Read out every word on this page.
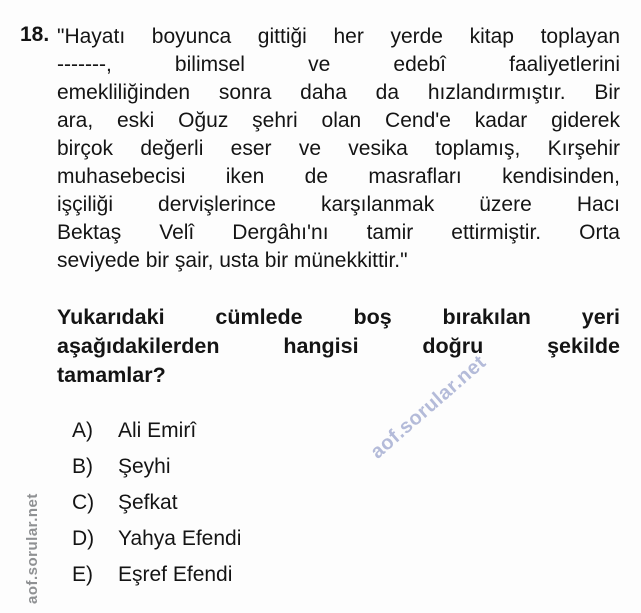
18. "Hayatı boyunca gittiği her yerde kitap toplayan
-------, bilimsel ve edebî faaliyetlerini
emekliliğinden sonra daha da hızlandırmıştır. Bir
ara, eski Oğuz şehri olan Cend'e kadar giderek
birçok değerli eser ve vesika toplamış, Kırşehir
muhasebecisi iken de masrafları kendisinden,
işçiliği dervişlerince karşılanmak üzere Hacı
Bektaş Velî Dergâhı'nı tamir ettirmiştir. Orta
seviyede bir şair, usta bir münekkittir."
Yukarıdaki cümlede boş bırakılan yeri
aşağıdakilerden hangisi doğru şekilde
tamamlar?
A)	Ali Emirî
B)	Şeyhi
C)	Şefkat
D)	Yahya Efendi
E)	Eşref Efendi
aof.sorular.net
aof.sorular.net
